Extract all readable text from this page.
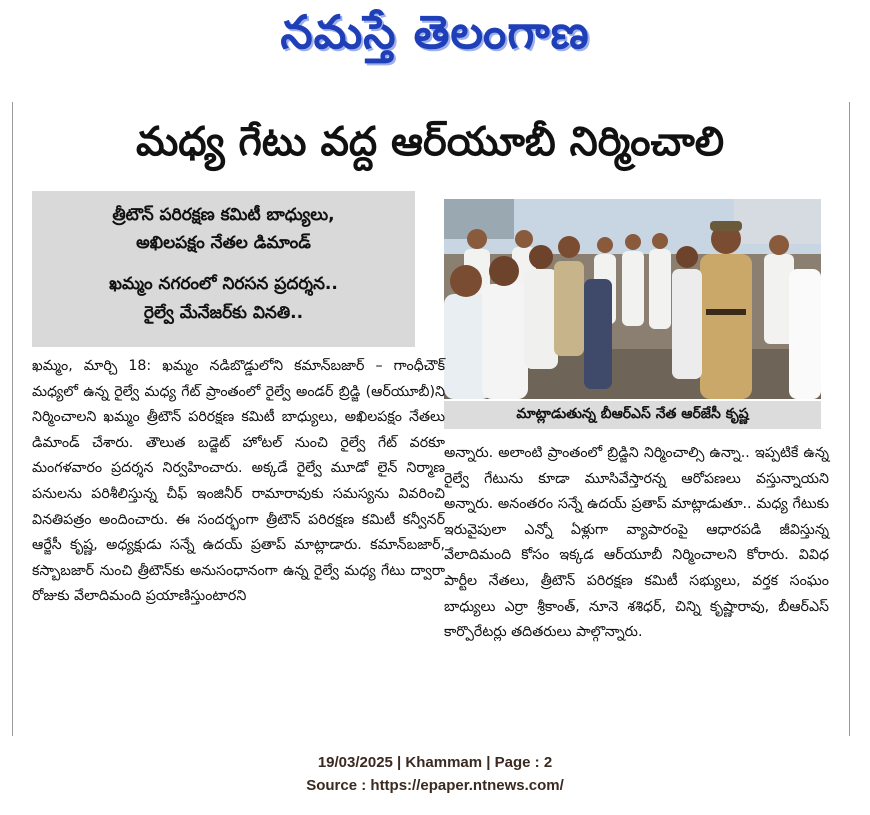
నమస్తే తెలంగాణ
మధ్య గేటు వద్ద ఆర్‌యూబీ నిర్మించాలి
త్రీటౌన్ పరిరక్షణ కమిటీ బాధ్యులు,
అఖిలపక్షం నేతల డిమాండ్
ఖమ్మం నగరంలో నిరసన ప్రదర్శన..
రైల్వే మేనేజర్‌కు వినతి..
మాట్లాడుతున్న బీఆర్‌ఎస్ నేత ఆర్‌జేసీ కృష్ణ
ఖమ్మం, మార్చి 18: ఖమ్మం నడిబొడ్డులోని కమాన్‌బజార్ – గాంధీచౌక్ మధ్యలో ఉన్న రైల్వే మధ్య గేట్ ప్రాంతంలో రైల్వే అండర్ బ్రిడ్జి (ఆర్‌యూబీ)ని నిర్మించాలని ఖమ్మం త్రీటౌన్ పరిరక్షణ కమిటీ బాధ్యులు, అఖిలపక్షం నేతలు డిమాండ్ చేశారు. తౌలుత బడ్జెట్ హోటల్ నుంచి రైల్వే గేట్ వరకూ మంగళవారం ప్రదర్శన నిర్వహించారు. అక్కడే రైల్వే మూడో లైన్ నిర్మాణ పనులను పరిశీలిస్తున్న చీఫ్ ఇంజినీర్ రామారావుకు సమస్యను వివరించి వినతిపత్రం అందించారు. ఈ సందర్భంగా త్రీటౌన్ పరిరక్షణ కమిటీ కన్వీనర్ ఆర్జేసీ కృష్ణ, అధ్యక్షుడు సన్నే ఉదయ్ ప్రతాప్ మాట్లాడారు. కమాన్‌బజార్, కస్బాబజార్ నుంచి త్రీటౌన్‌కు అనుసంధానంగా ఉన్న రైల్వే మధ్య గేటు ద్వారా రోజుకు వేలాదిమంది ప్రయాణిస్తుంటారని
అన్నారు. అలాంటి ప్రాంతంలో బ్రిడ్జిని నిర్మించాల్సి ఉన్నా.. ఇప్పటికే ఉన్న రైల్వే గేటును కూడా మూసివేస్తారన్న ఆరోపణలు వస్తున్నాయని అన్నారు. అనంతరం సన్నే ఉదయ్ ప్రతాప్ మాట్లాడుతూ.. మధ్య గేటుకు ఇరువైపులా ఎన్నో ఏళ్లుగా వ్యాపారంపై ఆధారపడి జీవిస్తున్న వేలాదిమంది కోసం ఇక్కడ ఆర్‌యూబీ నిర్మించాలని కోరారు. వివిధ పార్టీల నేతలు, త్రీటౌన్ పరిరక్షణ కమిటీ సభ్యులు, వర్తక సంఘం బాధ్యులు ఎర్రా శ్రీకాంత్, నూనె శశిధర్, చిన్ని కృష్ణారావు, బీఆర్‌ఎస్ కార్పొరేటర్లు తదితరులు పాల్గొన్నారు.
19/03/2025 | Khammam | Page : 2
Source : https://epaper.ntnews.com/
